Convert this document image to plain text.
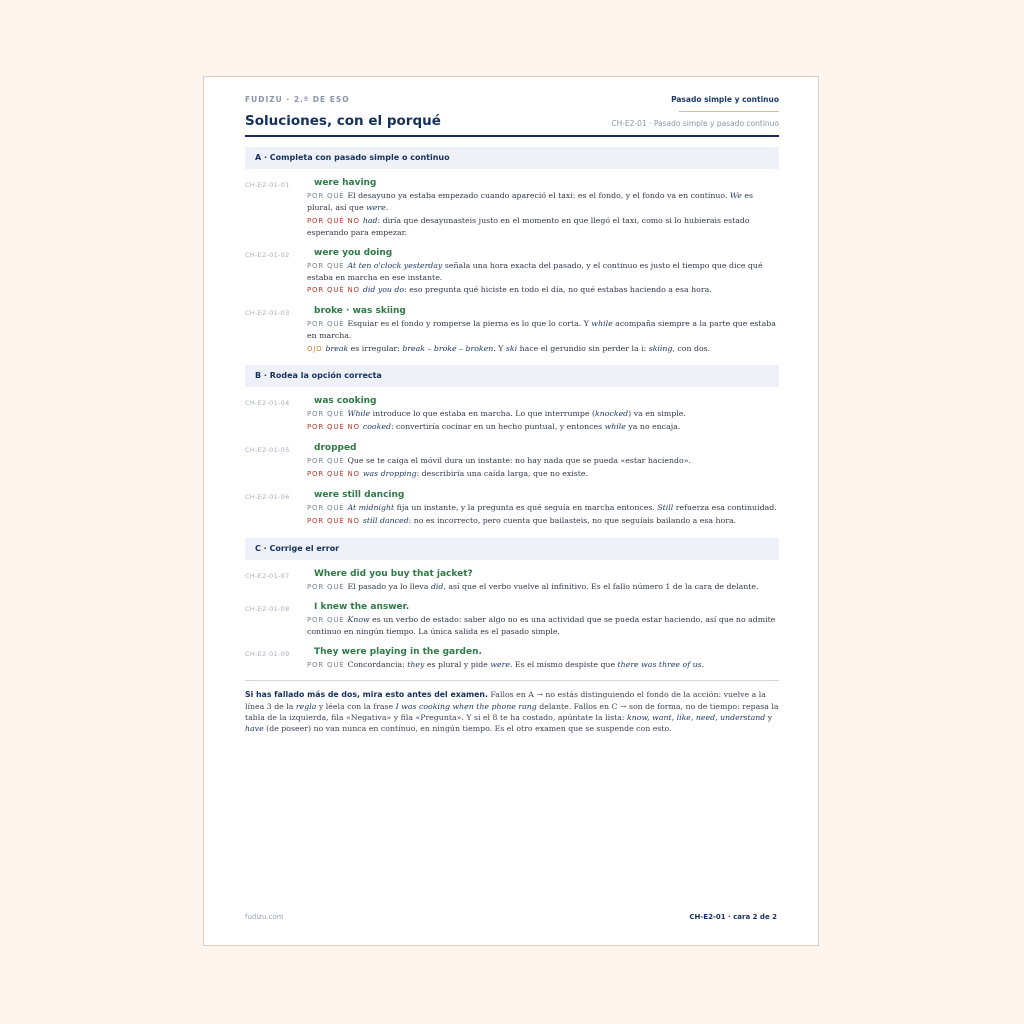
FUDIZU · 2.º DE ESO	Pasado simple y continuo
Soluciones, con el porqué	CH-E2-01 · Pasado simple y pasado continuo
A · Completa con pasado simple o continuo
CH-E2-01-01	were having
POR QUÉ El desayuno ya estaba empezado cuando apareció el taxi: es el fondo, y el fondo va en continuo. We es plural, así que were.
POR QUÉ NO had: diría que desayunasteis justo en el momento en que llegó el taxi, como si lo hubierais estado esperando para empezar.
CH-E2-01-02	were you doing
POR QUÉ At ten o'clock yesterday señala una hora exacta del pasado, y el continuo es justo el tiempo que dice qué estaba en marcha en ese instante.
POR QUÉ NO did you do: eso pregunta qué hiciste en todo el día, no qué estabas haciendo a esa hora.
CH-E2-01-03	broke · was skiing
POR QUÉ Esquiar es el fondo y romperse la pierna es lo que lo corta. Y while acompaña siempre a la parte que estaba en marcha.
OJO break es irregular: break – broke – broken. Y ski hace el gerundio sin perder la i: skiing, con dos.
B · Rodea la opción correcta
CH-E2-01-04	was cooking
POR QUÉ While introduce lo que estaba en marcha. Lo que interrumpe (knocked) va en simple.
POR QUÉ NO cooked: convertiría cocinar en un hecho puntual, y entonces while ya no encaja.
CH-E2-01-05	dropped
POR QUÉ Que se te caiga el móvil dura un instante: no hay nada que se pueda «estar haciendo».
POR QUÉ NO was dropping: describiría una caída larga, que no existe.
CH-E2-01-06	were still dancing
POR QUÉ At midnight fija un instante, y la pregunta es qué seguía en marcha entonces. Still refuerza esa continuidad.
POR QUÉ NO still danced: no es incorrecto, pero cuenta que bailasteis, no que seguíais bailando a esa hora.
C · Corrige el error
CH-E2-01-07	Where did you buy that jacket?
POR QUÉ El pasado ya lo lleva did, así que el verbo vuelve al infinitivo. Es el fallo número 1 de la cara de delante.
CH-E2-01-08	I knew the answer.
POR QUÉ Know es un verbo de estado: saber algo no es una actividad que se pueda estar haciendo, así que no admite continuo en ningún tiempo. La única salida es el pasado simple.
CH-E2-01-09	They were playing in the garden.
POR QUÉ Concordancia: they es plural y pide were. Es el mismo despiste que there was three of us.
Si has fallado más de dos, mira esto antes del examen. Fallos en A → no estás distinguiendo el fondo de la acción: vuelve a la línea 3 de la regla y léela con la frase I was cooking when the phone rang delante. Fallos en C → son de forma, no de tiempo: repasa la tabla de la izquierda, fila «Negativa» y fila «Pregunta». Y si el 8 te ha costado, apúntate la lista: know, want, like, need, understand y have (de poseer) no van nunca en continuo, en ningún tiempo. Es el otro examen que se suspende con esto.
fudizu.com	CH-E2-01 · cara 2 de 2
